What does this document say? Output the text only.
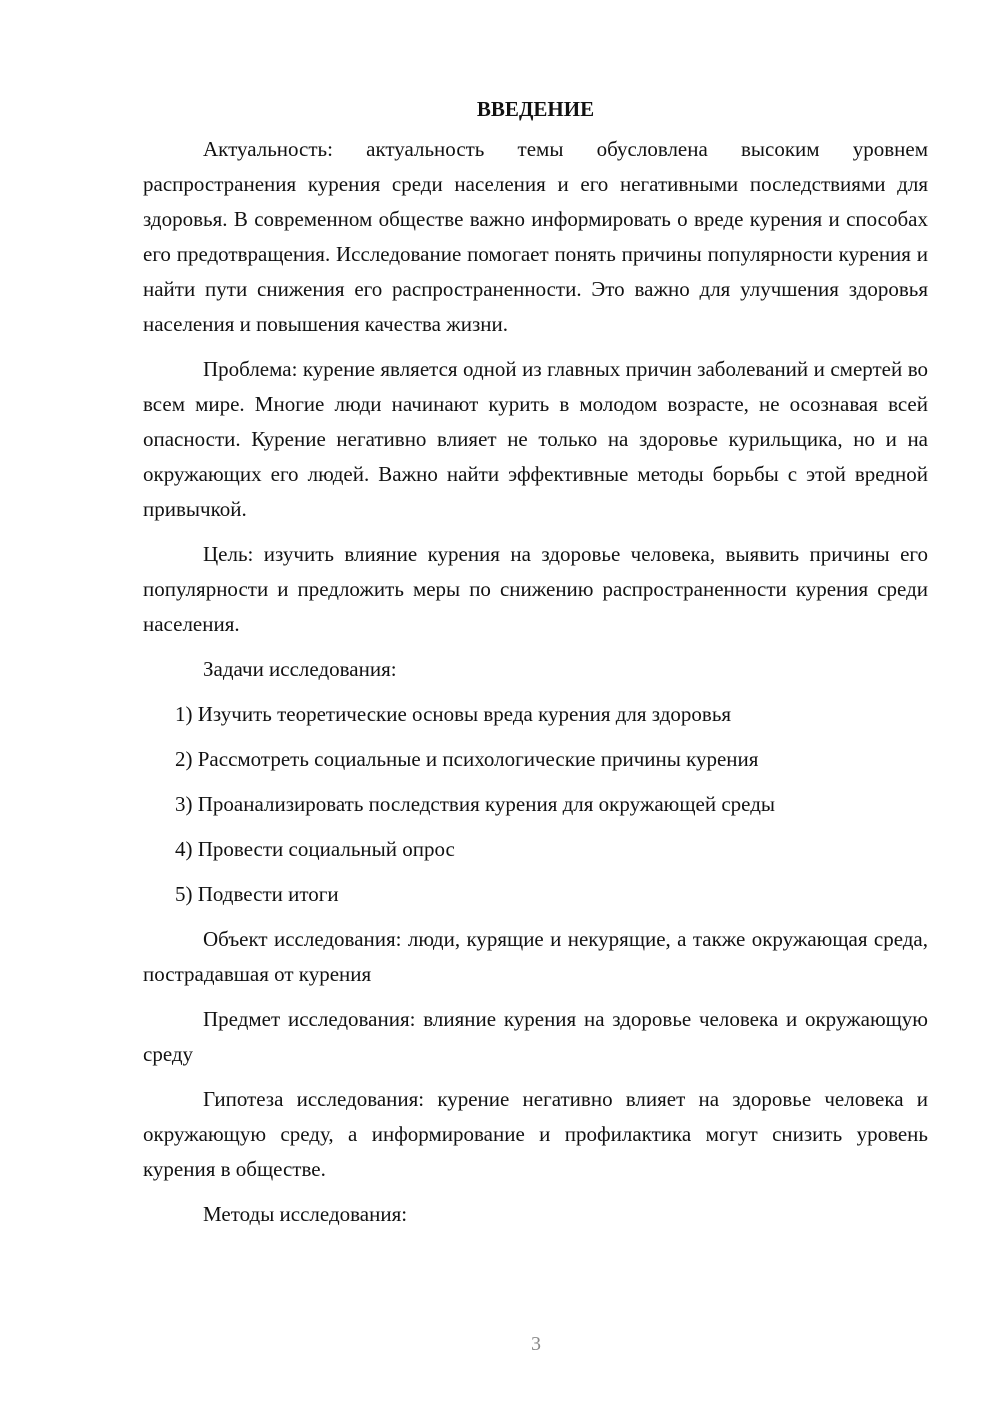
ВВЕДЕНИЕ

Актуальность: актуальность темы обусловлена высоким уровнем распространения курения среди населения и его негативными последствиями для здоровья. В современном обществе важно информировать о вреде курения и способах его предотвращения. Исследование помогает понять причины популярности курения и найти пути снижения его распространенности. Это важно для улучшения здоровья населения и повышения качества жизни.

Проблема: курение является одной из главных причин заболеваний и смертей во всем мире. Многие люди начинают курить в молодом возрасте, не осознавая всей опасности. Курение негативно влияет не только на здоровье курильщика, но и на окружающих его людей. Важно найти эффективные методы борьбы с этой вредной привычкой.

Цель: изучить влияние курения на здоровье человека, выявить причины его популярности и предложить меры по снижению распространенности курения среди населения.

Задачи исследования:

1) Изучить теоретические основы вреда курения для здоровья
2) Рассмотреть социальные и психологические причины курения
3) Проанализировать последствия курения для окружающей среды
4) Провести социальный опрос
5) Подвести итоги

Объект исследования: люди, курящие и некурящие, а также окружающая среда, пострадавшая от курения

Предмет исследования: влияние курения на здоровье человека и окружающую среду

Гипотеза исследования: курение негативно влияет на здоровье человека и окружающую среду, а информирование и профилактика могут снизить уровень курения в обществе.

Методы исследования:

3
